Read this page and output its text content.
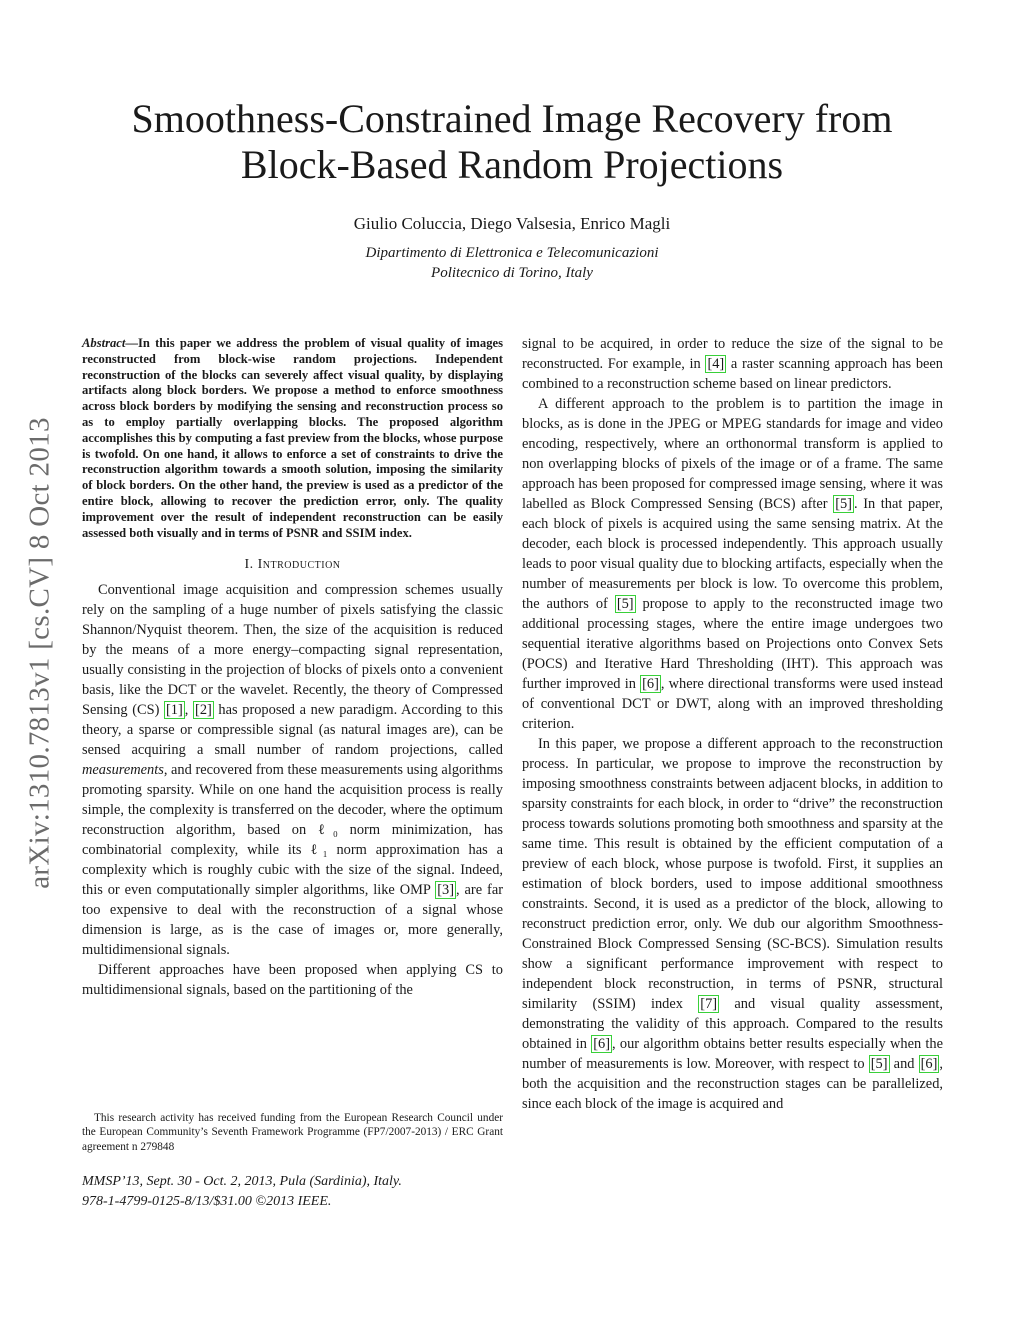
arXiv:1310.7813v1 [cs.CV] 8 Oct 2013
Smoothness-Constrained Image Recovery from
Block-Based Random Projections
Giulio Coluccia, Diego Valsesia, Enrico Magli
Dipartimento di Elettronica e Telecomunicazioni
Politecnico di Torino, Italy

Abstract—In this paper we address the problem of visual quality of images reconstructed from block-wise random projections. Independent reconstruction of the blocks can severely affect visual quality, by displaying artifacts along block borders. We propose a method to enforce smoothness across block borders by modifying the sensing and reconstruction process so as to employ partially overlapping blocks. The proposed algorithm accomplishes this by computing a fast preview from the blocks, whose purpose is twofold. On one hand, it allows to enforce a set of constraints to drive the reconstruction algorithm towards a smooth solution, imposing the similarity of block borders. On the other hand, the preview is used as a predictor of the entire block, allowing to recover the prediction error, only. The quality improvement over the result of independent reconstruction can be easily assessed both visually and in terms of PSNR and SSIM index.

I. Introduction

Conventional image acquisition and compression schemes usually rely on the sampling of a huge number of pixels satisfying the classic Shannon/Nyquist theorem. Then, the size of the acquisition is reduced by the means of a more energy–compacting signal representation, usually consisting in the projection of blocks of pixels onto a convenient basis, like the DCT or the wavelet. Recently, the theory of Compressed Sensing (CS) [1] , [2] has proposed a new paradigm. According to this theory, a sparse or compressible signal (as natural images are), can be sensed acquiring a small number of random projections, called measurements, and recovered from these measurements using algorithms promoting sparsity. While on one hand the acquisition process is really simple, the complexity is transferred on the decoder, where the optimum reconstruction algorithm, based on ℓ₀ norm minimization, has combinatorial complexity, while its ℓ₁ norm approximation has a complexity which is roughly cubic with the size of the signal. Indeed, this or even computationally simpler algorithms, like OMP [3] , are far too expensive to deal with the reconstruction of a signal whose dimension is large, as is the case of images or, more generally, multidimensional signals.

Different approaches have been proposed when applying CS to multidimensional signals, based on the partitioning of the

This research activity has received funding from the European Research Council under the European Community’s Seventh Framework Programme (FP7/2007-2013) / ERC Grant agreement n 279848
MMSP’13, Sept. 30 - Oct. 2, 2013, Pula (Sardinia), Italy.
978-1-4799-0125-8/13/$31.00 ©2013 IEEE.

signal to be acquired, in order to reduce the size of the signal to be reconstructed. For example, in [4] a raster scanning approach has been combined to a reconstruction scheme based on linear predictors.

A different approach to the problem is to partition the image in blocks, as is done in the JPEG or MPEG standards for image and video encoding, respectively, where an orthonormal transform is applied to non overlapping blocks of pixels of the image or of a frame. The same approach has been proposed for compressed image sensing, where it was labelled as Block Compressed Sensing (BCS) after [5] . In that paper, each block of pixels is acquired using the same sensing matrix. At the decoder, each block is processed independently. This approach usually leads to poor visual quality due to blocking artifacts, especially when the number of measurements per block is low. To overcome this problem, the authors of [5] propose to apply to the reconstructed image two additional processing stages, where the entire image undergoes two sequential iterative algorithms based on Projections onto Convex Sets (POCS) and Iterative Hard Thresholding (IHT). This approach was further improved in [6] , where directional transforms were used instead of conventional DCT or DWT, along with an improved thresholding criterion.

In this paper, we propose a different approach to the reconstruction process. In particular, we propose to improve the reconstruction by imposing smoothness constraints between adjacent blocks, in addition to sparsity constraints for each block, in order to “drive” the reconstruction process towards solutions promoting both smoothness and sparsity at the same time. This result is obtained by the efficient computation of a preview of each block, whose purpose is twofold. First, it supplies an estimation of block borders, used to impose additional smoothness constraints. Second, it is used as a predictor of the block, allowing to reconstruct prediction error, only. We dub our algorithm Smoothness-Constrained Block Compressed Sensing (SC-BCS). Simulation results show a significant performance improvement with respect to independent block reconstruction, in terms of PSNR, structural similarity (SSIM) index [7] and visual quality assessment, demonstrating the validity of this approach. Compared to the results obtained in [6] , our algorithm obtains better results especially when the number of measurements is low. Moreover, with respect to [5] and [6] , both the acquisition and the reconstruction stages can be parallelized, since each block of the image is acquired and
